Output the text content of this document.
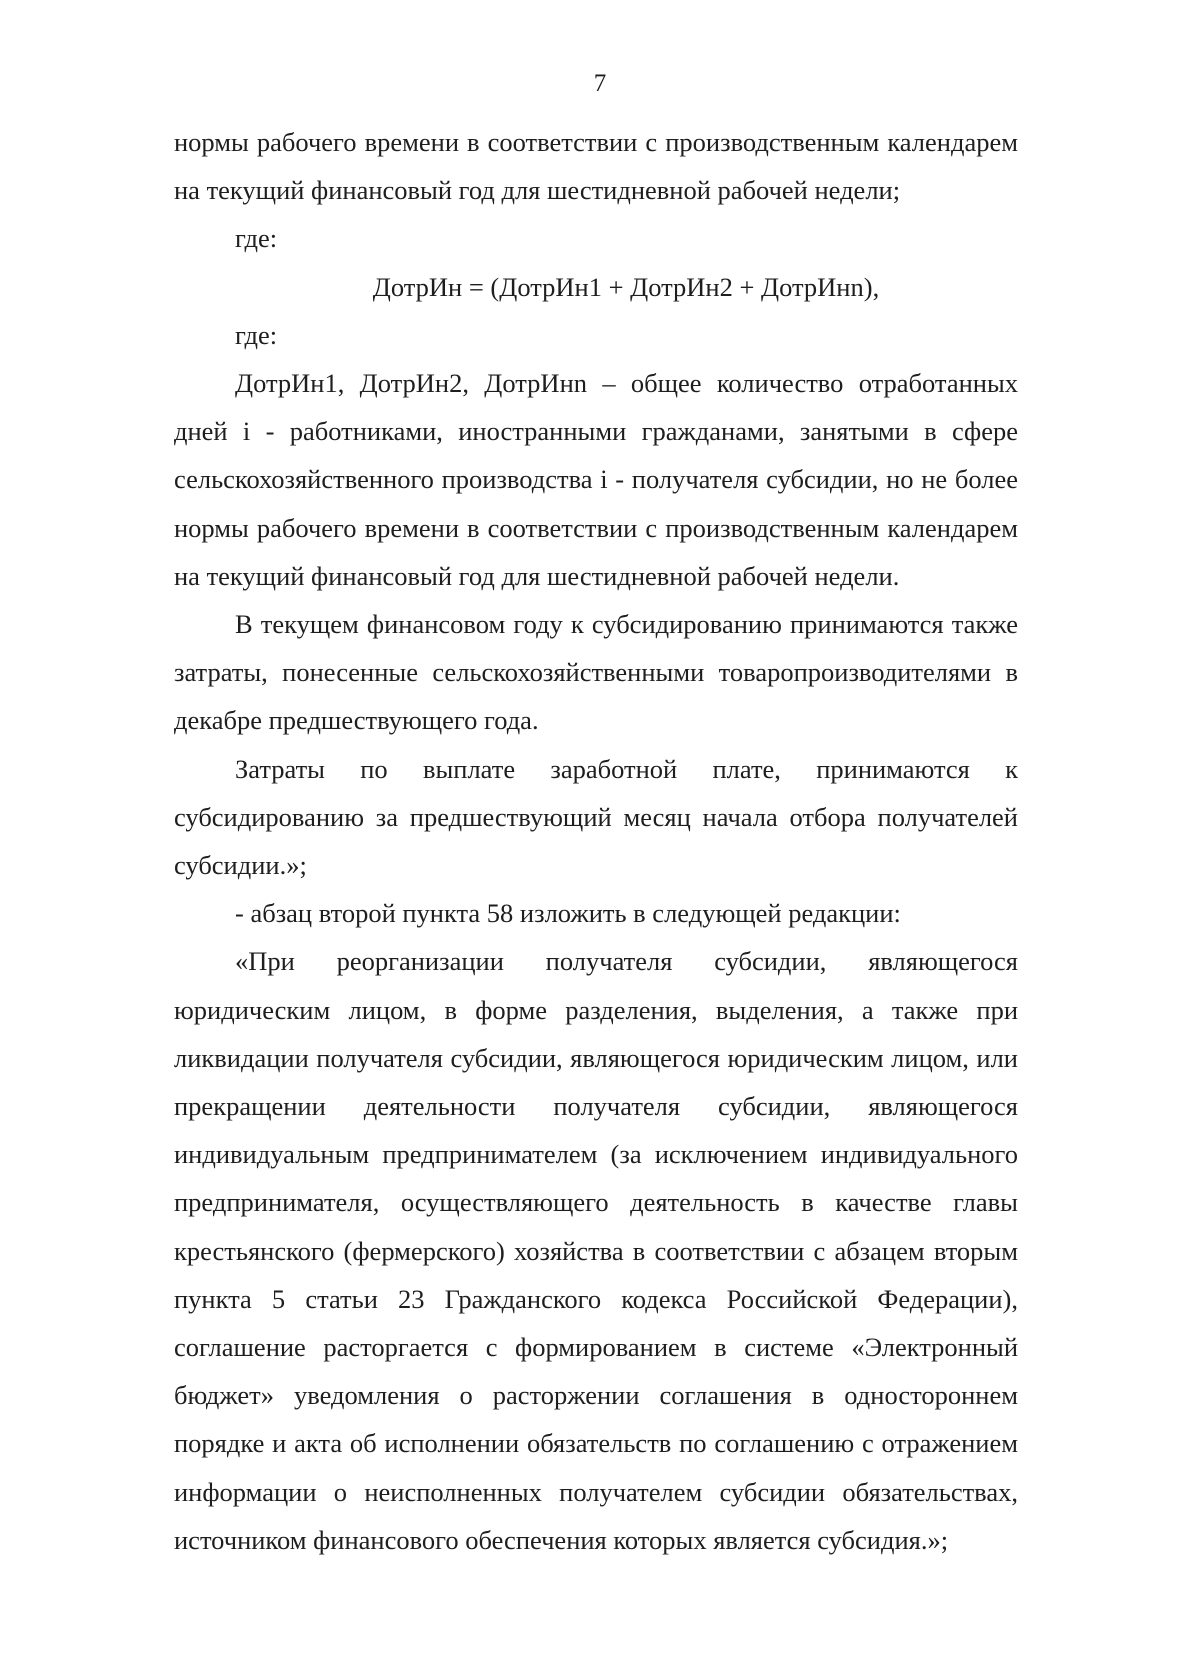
7

нормы рабочего времени в соответствии с производственным календарем на текущий финансовый год для шестидневной рабочей недели;

где:

ДотрИн = (ДотрИн1 + ДотрИн2 + ДотрИнn),

где:

ДотрИн1, ДотрИн2, ДотрИнn – общее количество отработанных дней i - работниками, иностранными гражданами, занятыми в сфере сельскохозяйственного производства i - получателя субсидии, но не более нормы рабочего времени в соответствии с производственным календарем на текущий финансовый год для шестидневной рабочей недели.

В текущем финансовом году к субсидированию принимаются также затраты, понесенные сельскохозяйственными товаропроизводителями в декабре предшествующего года.

Затраты по выплате заработной плате, принимаются к субсидированию за предшествующий месяц начала отбора получателей субсидии.»;

- абзац второй пункта 58 изложить в следующей редакции:

«При реорганизации получателя субсидии, являющегося юридическим лицом, в форме разделения, выделения, а также при ликвидации получателя субсидии, являющегося юридическим лицом, или прекращении деятельности получателя субсидии, являющегося индивидуальным предпринимателем (за исключением индивидуального предпринимателя, осуществляющего деятельность в качестве главы крестьянского (фермерского) хозяйства в соответствии с абзацем вторым пункта 5 статьи 23 Гражданского кодекса Российской Федерации), соглашение расторгается с формированием в системе «Электронный бюджет» уведомления о расторжении соглашения в одностороннем порядке и акта об исполнении обязательств по соглашению с отражением информации о неисполненных получателем субсидии обязательствах, источником финансового обеспечения которых является субсидия.»;
